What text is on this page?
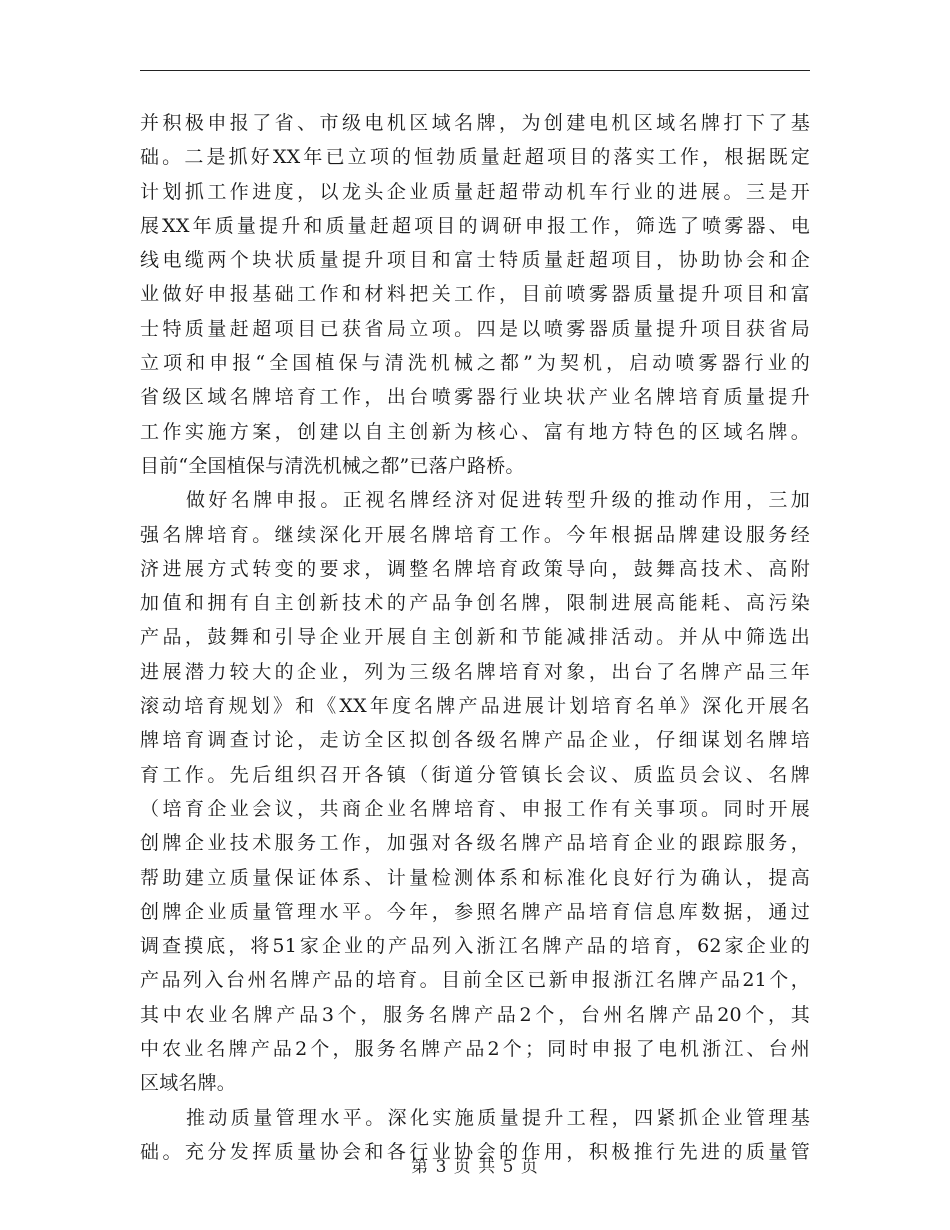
并积极申报了省、市级电机区域名牌，为创建电机区域名牌打下了基
础。二是抓好XX年已立项的恒勃质量赶超项目的落实工作，根据既定
计划抓工作进度，以龙头企业质量赶超带动机车行业的进展。三是开
展XX年质量提升和质量赶超项目的调研申报工作，筛选了喷雾器、电
线电缆两个块状质量提升项目和富士特质量赶超项目，协助协会和企
业做好申报基础工作和材料把关工作，目前喷雾器质量提升项目和富
士特质量赶超项目已获省局立项。四是以喷雾器质量提升项目获省局
立项和申报“全国植保与清洗机械之都”为契机，启动喷雾器行业的
省级区域名牌培育工作，出台喷雾器行业块状产业名牌培育质量提升
工作实施方案，创建以自主创新为核心、富有地方特色的区域名牌。
目前“全国植保与清洗机械之都”已落户路桥。
做好名牌申报。正视名牌经济对促进转型升级的推动作用，三加
强名牌培育。继续深化开展名牌培育工作。今年根据品牌建设服务经
济进展方式转变的要求，调整名牌培育政策导向，鼓舞高技术、高附
加值和拥有自主创新技术的产品争创名牌，限制进展高能耗、高污染
产品，鼓舞和引导企业开展自主创新和节能减排活动。并从中筛选出
进展潜力较大的企业，列为三级名牌培育对象，出台了名牌产品三年
滚动培育规划》和《XX年度名牌产品进展计划培育名单》深化开展名
牌培育调查讨论，走访全区拟创各级名牌产品企业，仔细谋划名牌培
育工作。先后组织召开各镇（街道分管镇长会议、质监员会议、名牌
（培育企业会议，共商企业名牌培育、申报工作有关事项。同时开展
创牌企业技术服务工作，加强对各级名牌产品培育企业的跟踪服务，
帮助建立质量保证体系、计量检测体系和标准化良好行为确认，提高
创牌企业质量管理水平。今年，参照名牌产品培育信息库数据，通过
调查摸底，将51家企业的产品列入浙江名牌产品的培育，62家企业的
产品列入台州名牌产品的培育。目前全区已新申报浙江名牌产品21个，
其中农业名牌产品3个，服务名牌产品2个，台州名牌产品20个，其
中农业名牌产品2个，服务名牌产品2个；同时申报了电机浙江、台州
区域名牌。
推动质量管理水平。深化实施质量提升工程，四紧抓企业管理基
础。充分发挥质量协会和各行业协会的作用，积极推行先进的质量管
第 3 页 共 5 页
